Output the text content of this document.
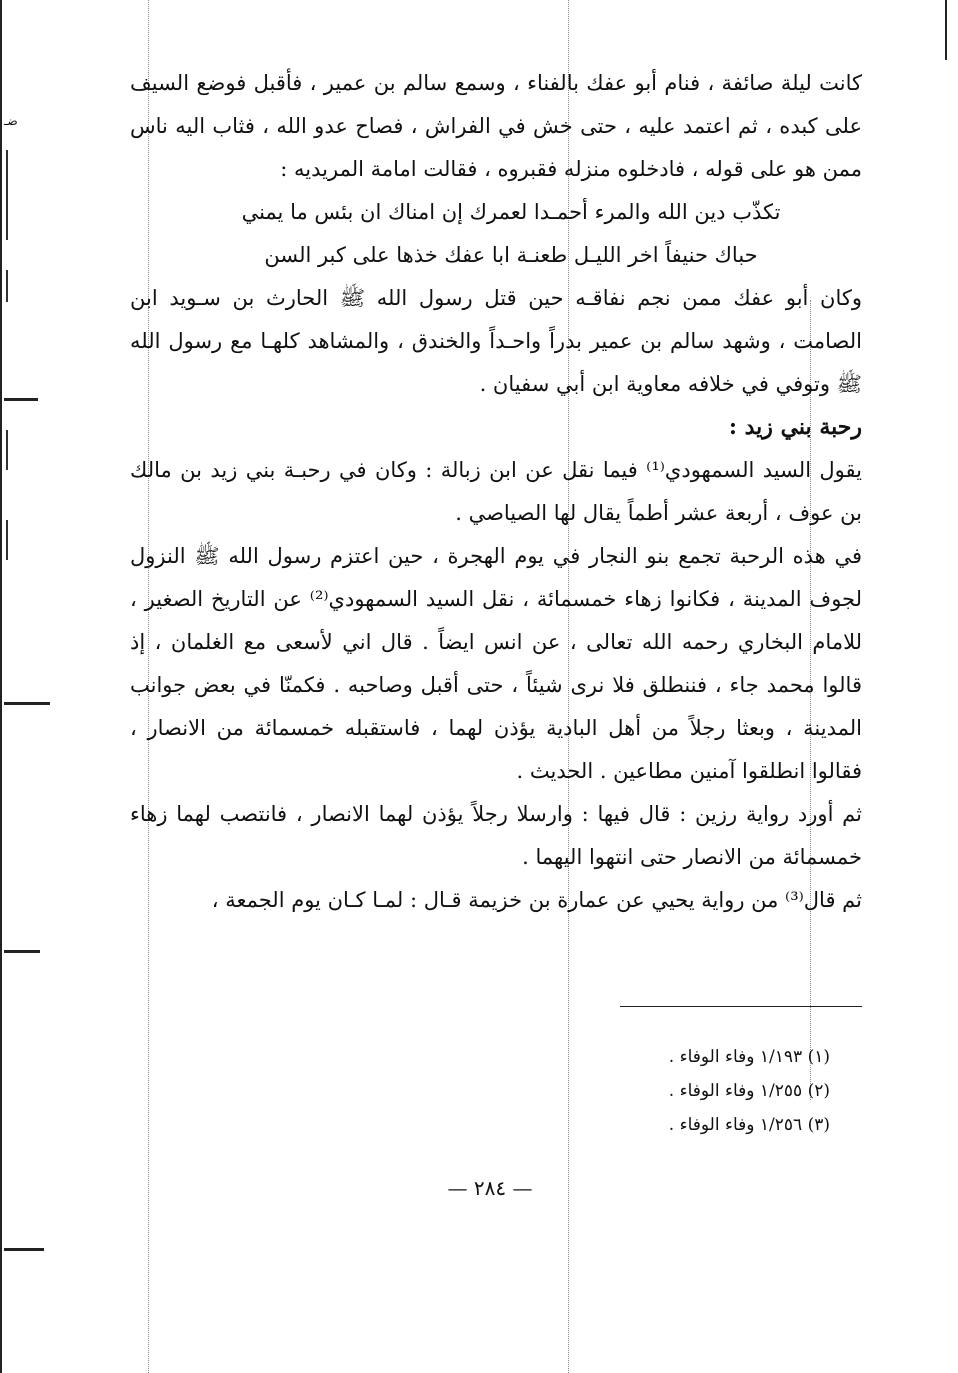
ضـ

كانت ليلة صائفة ، فنام أبو عفك بالفناء ، وسمع سالم بن عمير ، فأقبل فوضع السيف على كبده ، ثم اعتمد عليه ، حتى خش في الفراش ، فصاح عدو الله ، فثاب اليه ناس ممن هو على قوله ، فادخلوه منزله فقبروه ، فقالت امامة المريديه :

تكذّب دين الله والمرء أحمـدا لعمرك إن امناك ان بئس ما يمني

حباك حنيفاً اخر الليـل طعنـة ابا عفك خذها على كبر السن

وكان أبو عفك ممن نجم نفاقـه حين قتل رسول الله ﷺ الحارث بن سـويد ابن الصامت ، وشهد سالم بن عمير بدراً واحـداً والخندق ، والمشاهد كلهـا مع رسول الله ﷺ وتوفي في خلافه معاوية ابن أبي سفيان .

رحبة بني زيد :

يقول السيد السمهودي⁽¹⁾ فيما نقل عن ابن زبالة : وكان في رحبـة بني زيد بن مالك بن عوف ، أربعة عشر أطماً يقال لها الصياصي .

في هذه الرحبة تجمع بنو النجار في يوم الهجرة ، حين اعتزم رسول الله ﷺ النزول لجوف المدينة ، فكانوا زهاء خمسمائة ، نقل السيد السمهودي⁽²⁾ عن التاريخ الصغير ، للامام البخاري رحمه الله تعالى ، عن انس ايضاً . قال اني لأسعى مع الغلمان ، إذ قالوا محمد جاء ، فننطلق فلا نرى شيئاً ، حتى أقبل وصاحبه . فكمنّا في بعض جوانب المدينة ، وبعثا رجلاً من أهل البادية يؤذن لهما ، فاستقبله خمسمائة من الانصار ، فقالوا انطلقوا آمنين مطاعين . الحديث .

ثم أورد رواية رزين : قال فيها : وارسلا رجلاً يؤذن لهما الانصار ، فانتصب لهما زهاء خمسمائة من الانصار حتى انتهوا اليهما .

ثم قال⁽³⁾ من رواية يحيي عن عمارة بن خزيمة قـال : لمـا كـان يوم الجمعة ،

(١) ١/١٩٣ وفاء الوفاء .
(٢) ١/٢٥٥ وفاء الوفاء .
(٣) ١/٢٥٦ وفاء الوفاء .
— ٢٨٤ —
